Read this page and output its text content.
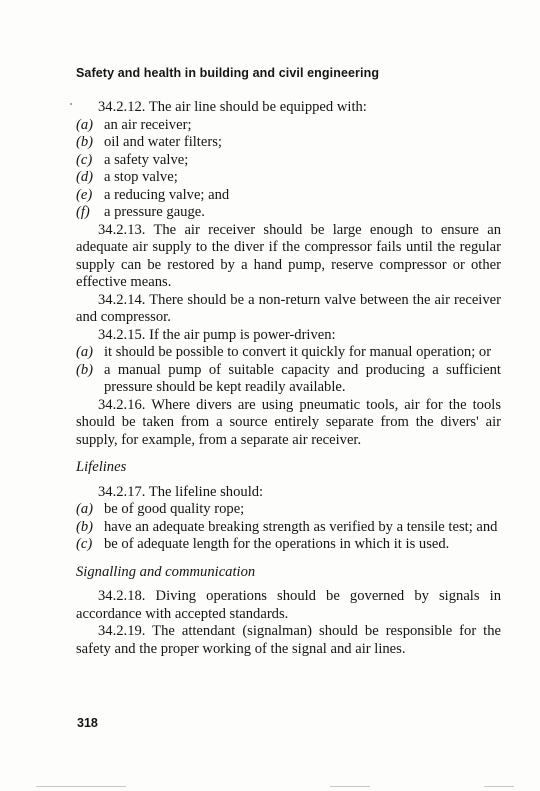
Safety and health in building and civil engineering

34.2.12. The air line should be equipped with:

(a) an air receiver;
(b) oil and water filters;
(c) a safety valve;
(d) a stop valve;
(e) a reducing valve; and
(f) a pressure gauge.

34.2.13. The air receiver should be large enough to ensure an adequate air supply to the diver if the compressor fails until the regular supply can be restored by a hand pump, reserve compressor or other effective means.

34.2.14. There should be a non-return valve between the air receiver and compressor.

34.2.15. If the air pump is power-driven:

(a) it should be possible to convert it quickly for manual operation; or
(b) a manual pump of suitable capacity and producing a sufficient pressure should be kept readily available.

34.2.16. Where divers are using pneumatic tools, air for the tools should be taken from a source entirely separate from the divers' air supply, for example, from a separate air receiver.

Lifelines

34.2.17. The lifeline should:

(a) be of good quality rope;
(b) have an adequate breaking strength as verified by a tensile test; and
(c) be of adequate length for the operations in which it is used.
Signalling and communication

34.2.18. Diving operations should be governed by signals in accordance with accepted standards.

34.2.19. The attendant (signalman) should be responsible for the safety and the proper working of the signal and air lines.

318
